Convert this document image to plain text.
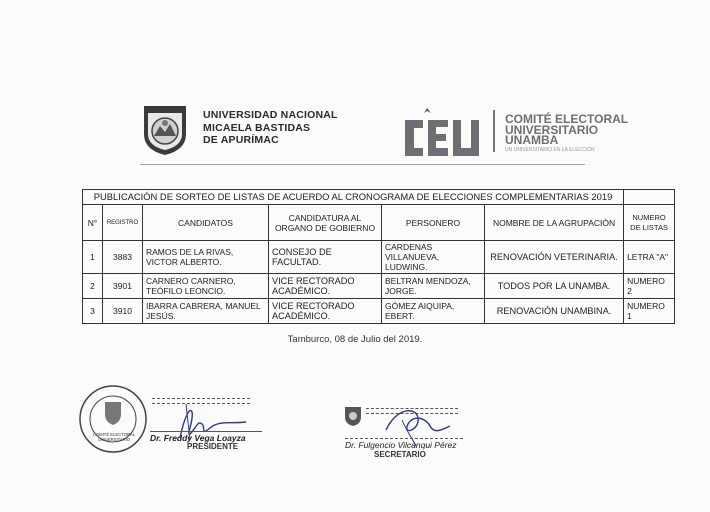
MICAELA BASTIDAS
UNIVERSIDAD NACIONAL
MICAELA BASTIDAS
DE APURÍMAC
COMITÉ ELECTORAL
UNIVERSITARIO
UNAMBA
UN UNIVERSITARIO EN LA ELECCIÓN
PUBLICACIÓN DE SORTEO DE LISTAS DE ACUERDO AL CRONOGRAMA DE ELECCIONES COMPLEMENTARIAS 2019						
N°	REGISTRO	CANDIDATOS	CANDIDATURA AL ORGANO DE GOBIERNO	PERSONERO	NOMBRE DE LA AGRUPACIÓN	NUMERO DE LISTAS
1	3883	RAMOS DE LA RIVAS, VICTOR ALBERTO.	CONSEJO DE FACULTAD.	CARDENAS VILLANUEVA, LUDWING.	RENOVACIÓN VETERINARIA.	LETRA "A"
2	3901	CARNERO CARNERO, TEÓFILO LEONCIO.	VICE RECTORADO ACADÉMICO.	BELTRAN MENDOZA, JORGE.	TODOS POR LA UNAMBA.	NUMERO 2
3	3910	IBARRA CABRERA, MANUEL JESÚS.	VICE RECTORADO ACADÉMICO.	GÓMEZ AIQUIPA, EBERT.	RENOVACIÓN UNAMBINA.	NUMERO 1
Tamburco, 08 de Julio del 2019.
COMITÉ ELECTORAL UNIVERSITARIO	Dr. Freddy Vega Loayza
PRESIDENTE	Dr. Fulgencio Vilcanqui Pérez
SECRETARIO
